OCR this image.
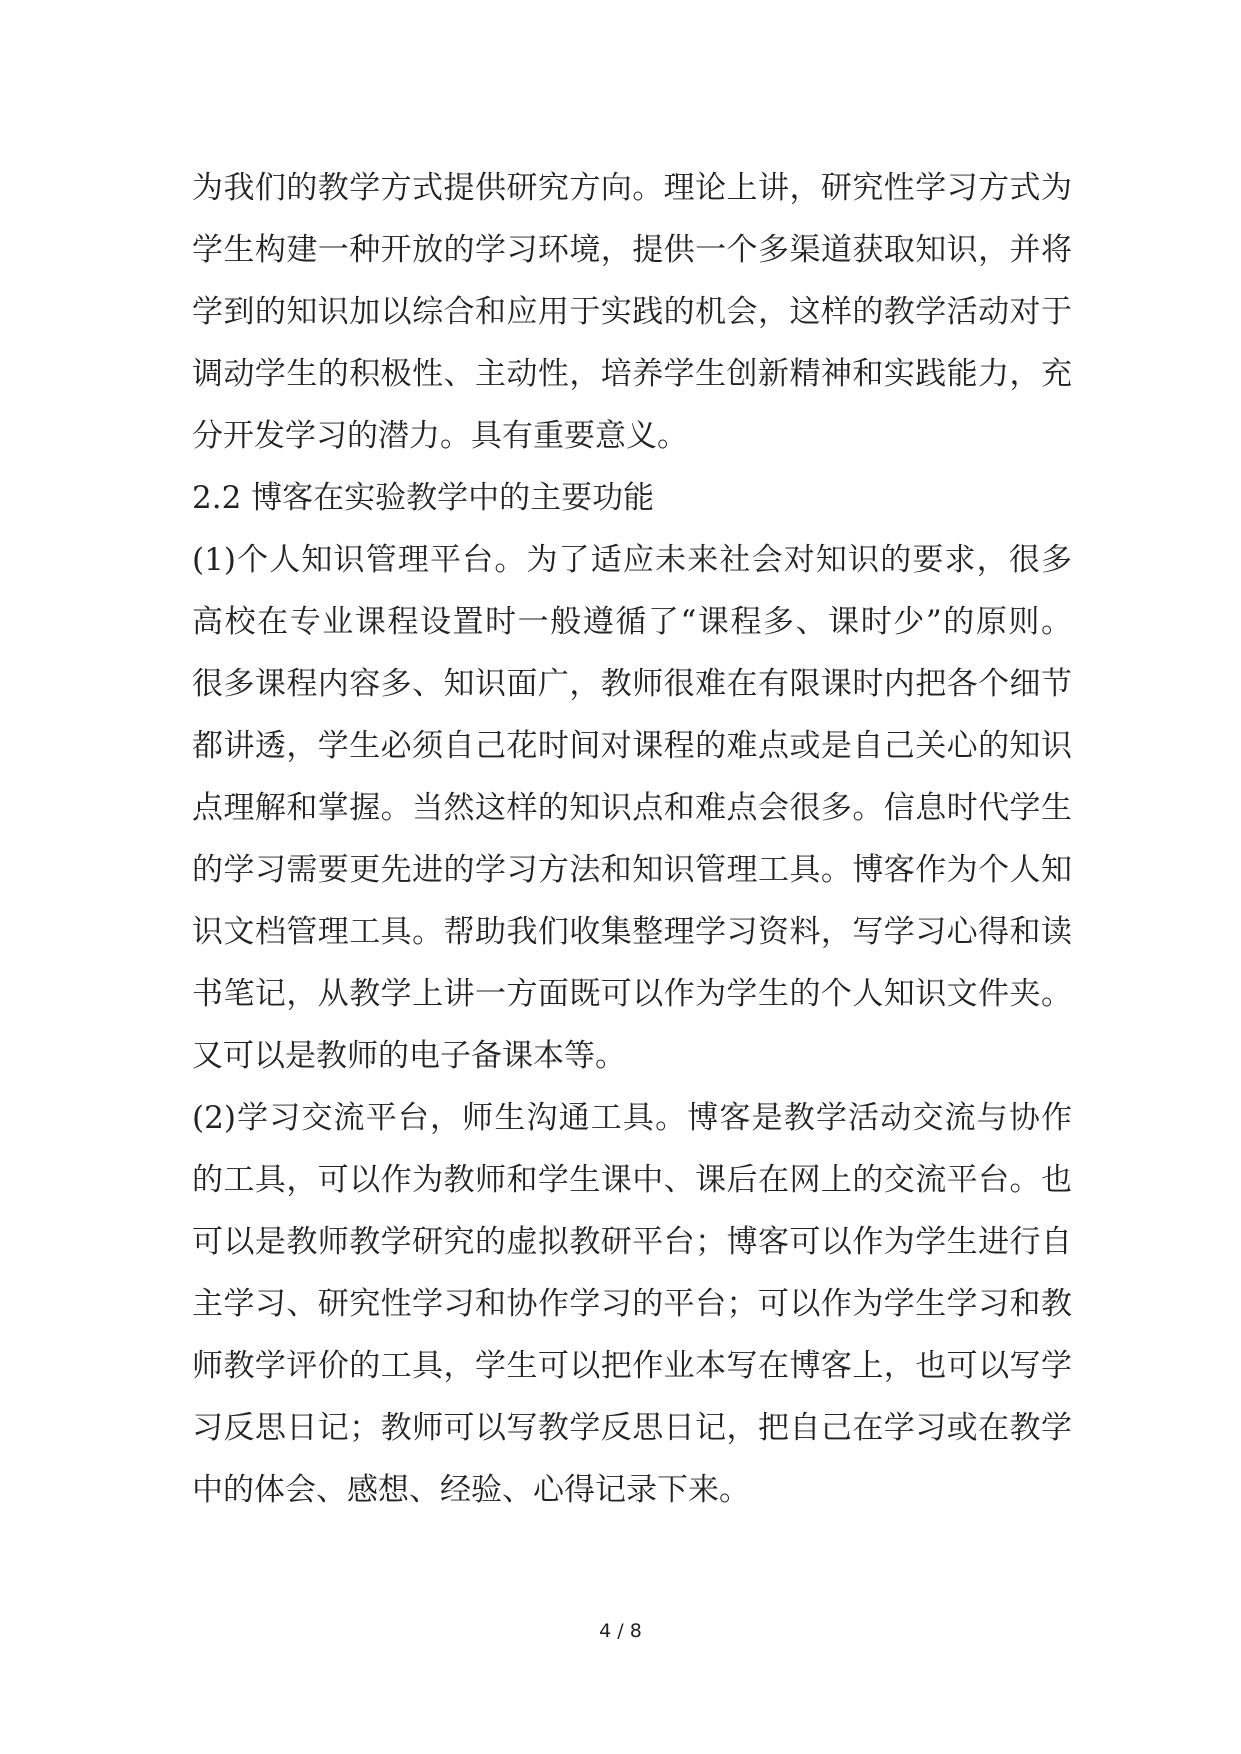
为我们的教学方式提供研究方向。理论上讲，研究性学习方式为
学生构建一种开放的学习环境，提供一个多渠道获取知识，并将
学到的知识加以综合和应用于实践的机会，这样的教学活动对于
调动学生的积极性、主动性，培养学生创新精神和实践能力，充
分开发学习的潜力。具有重要意义。
2.2 博客在实验教学中的主要功能
(1)个人知识管理平台。为了适应未来社会对知识的要求，很多
高校在专业课程设置时一般遵循了“课程多、课时少”的原则。
很多课程内容多、知识面广，教师很难在有限课时内把各个细节
都讲透，学生必须自己花时间对课程的难点或是自己关心的知识
点理解和掌握。当然这样的知识点和难点会很多。信息时代学生
的学习需要更先进的学习方法和知识管理工具。博客作为个人知
识文档管理工具。帮助我们收集整理学习资料，写学习心得和读
书笔记，从教学上讲一方面既可以作为学生的个人知识文件夹。
又可以是教师的电子备课本等。
(2)学习交流平台，师生沟通工具。博客是教学活动交流与协作
的工具，可以作为教师和学生课中、课后在网上的交流平台。也
可以是教师教学研究的虚拟教研平台；博客可以作为学生进行自
主学习、研究性学习和协作学习的平台；可以作为学生学习和教
师教学评价的工具，学生可以把作业本写在博客上，也可以写学
习反思日记；教师可以写教学反思日记，把自己在学习或在教学
中的体会、感想、经验、心得记录下来。
4 / 8
